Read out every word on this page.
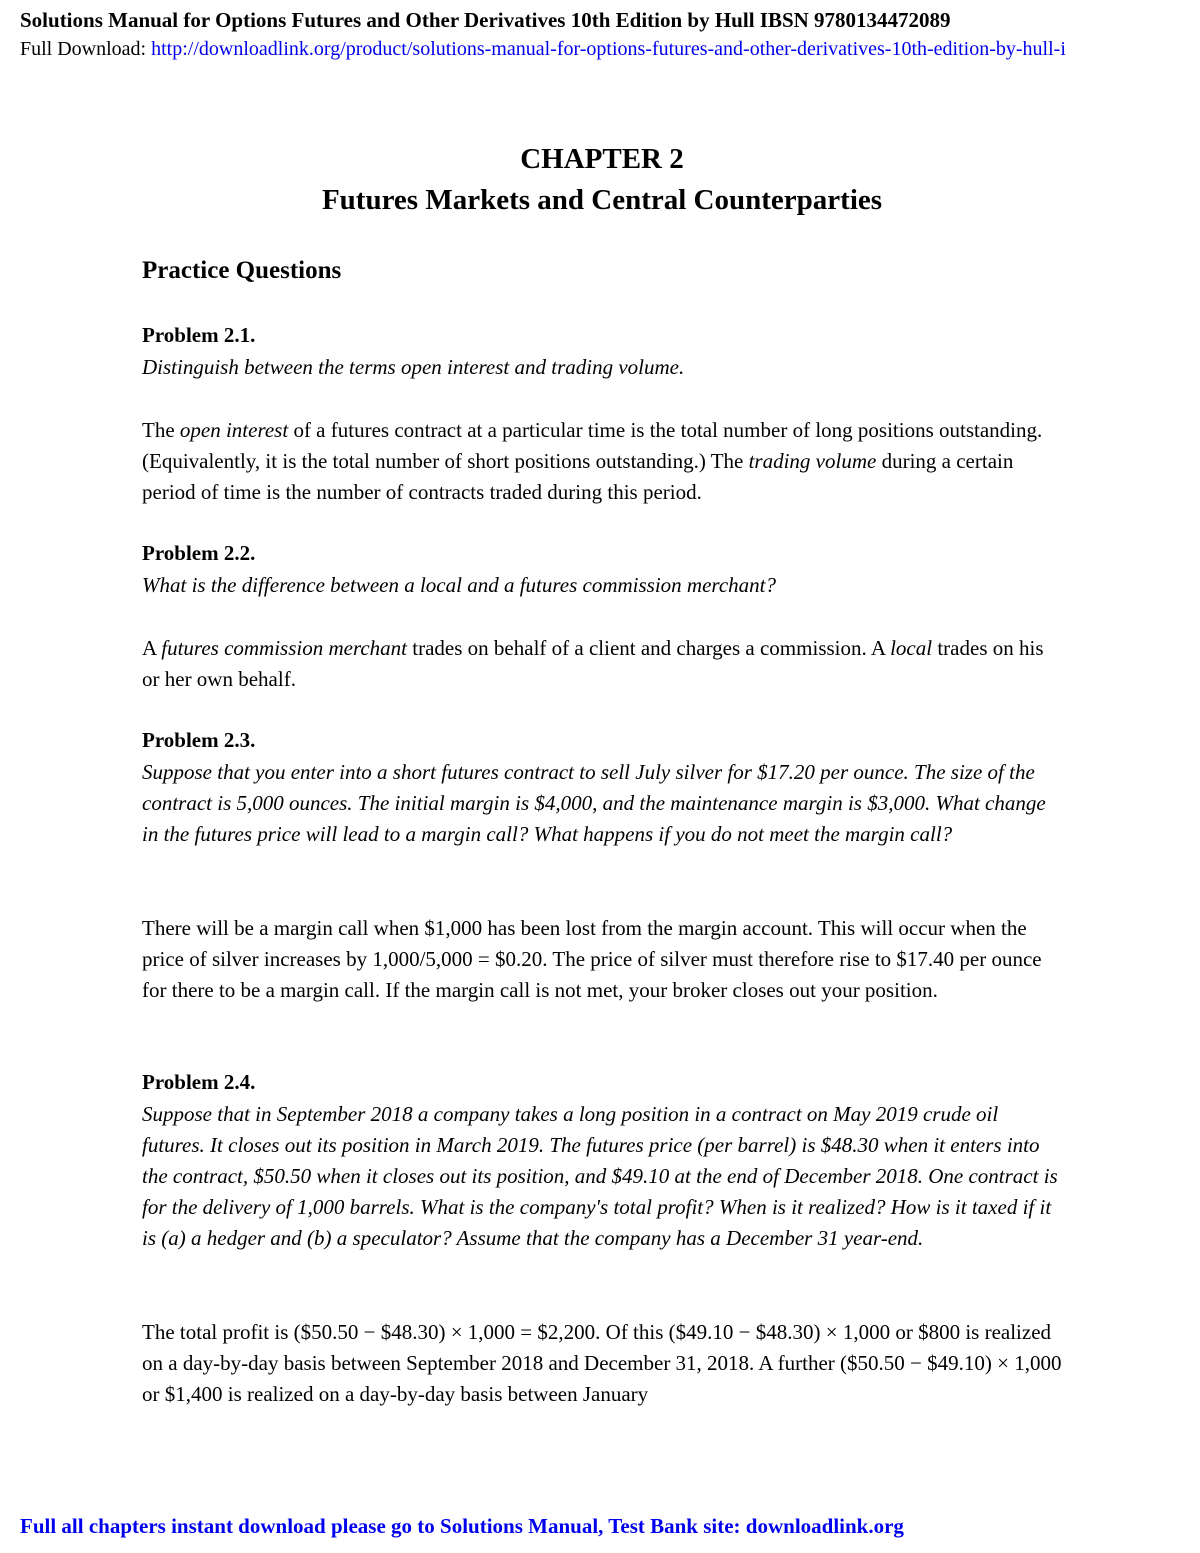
Solutions Manual for Options Futures and Other Derivatives 10th Edition by Hull IBSN 9780134472089
Full Download: http://downloadlink.org/product/solutions-manual-for-options-futures-and-other-derivatives-10th-edition-by-hull-i
CHAPTER 2
Futures Markets and Central Counterparties
Practice Questions
Problem 2.1.
Distinguish between the terms open interest and trading volume.
The open interest of a futures contract at a particular time is the total number of long positions outstanding. (Equivalently, it is the total number of short positions outstanding.) The trading volume during a certain period of time is the number of contracts traded during this period.
Problem 2.2.
What is the difference between a local and a futures commission merchant?
A futures commission merchant trades on behalf of a client and charges a commission. A local trades on his or her own behalf.
Problem 2.3.
Suppose that you enter into a short futures contract to sell July silver for $17.20 per ounce. The size of the contract is 5,000 ounces. The initial margin is $4,000, and the maintenance margin is $3,000. What change in the futures price will lead to a margin call? What happens if you do not meet the margin call?
There will be a margin call when $1,000 has been lost from the margin account. This will occur when the price of silver increases by 1,000/5,000 = $0.20. The price of silver must therefore rise to $17.40 per ounce for there to be a margin call. If the margin call is not met, your broker closes out your position.
Problem 2.4.
Suppose that in September 2018 a company takes a long position in a contract on May 2019 crude oil futures. It closes out its position in March 2019. The futures price (per barrel) is $48.30 when it enters into the contract, $50.50 when it closes out its position, and $49.10 at the end of December 2018. One contract is for the delivery of 1,000 barrels. What is the company's total profit? When is it realized? How is it taxed if it is (a) a hedger and (b) a speculator? Assume that the company has a December 31 year-end.
The total profit is ($50.50 − $48.30) × 1,000 = $2,200. Of this ($49.10 − $48.30) × 1,000 or $800 is realized on a day-by-day basis between September 2018 and December 31, 2018. A further ($50.50 − $49.10) × 1,000 or $1,400 is realized on a day-by-day basis between January
Full all chapters instant download please go to Solutions Manual, Test Bank site: downloadlink.org
